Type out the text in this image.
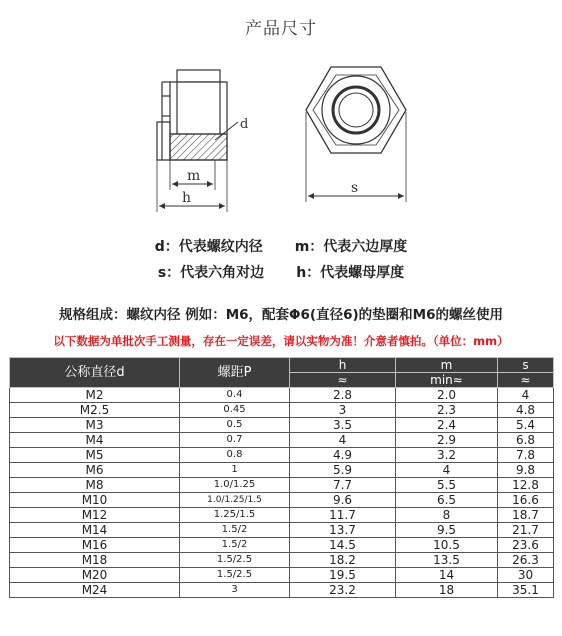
产品尺寸
d
m
h
s
d：代表螺纹内径 m：代表六边厚度
s：代表六角对边 h：代表螺母厚度
规格组成：螺纹内径 例如：M6，配套Φ6(直径6)的垫圈和M6的螺丝使用
以下数据为单批次手工测量，存在一定误差，请以实物为准！介意者慎拍。（单位：mm）
公称直径d	螺距P	h	m	s
		≈	min≈	≈
M2	0.4	2.8	2.0	4
M2.5	0.45	3	2.3	4.8
M3	0.5	3.5	2.4	5.4
M4	0.7	4	2.9	6.8
M5	0.8	4.9	3.2	7.8
M6	1	5.9	4	9.8
M8	1.0/1.25	7.7	5.5	12.8
M10	1.0/1.25/1.5	9.6	6.5	16.6
M12	1.25/1.5	11.7	8	18.7
M14	1.5/2	13.7	9.5	21.7
M16	1.5/2	14.5	10.5	23.6
M18	1.5/2.5	18.2	13.5	26.3
M20	1.5/2.5	19.5	14	30
M24	3	23.2	18	35.1
